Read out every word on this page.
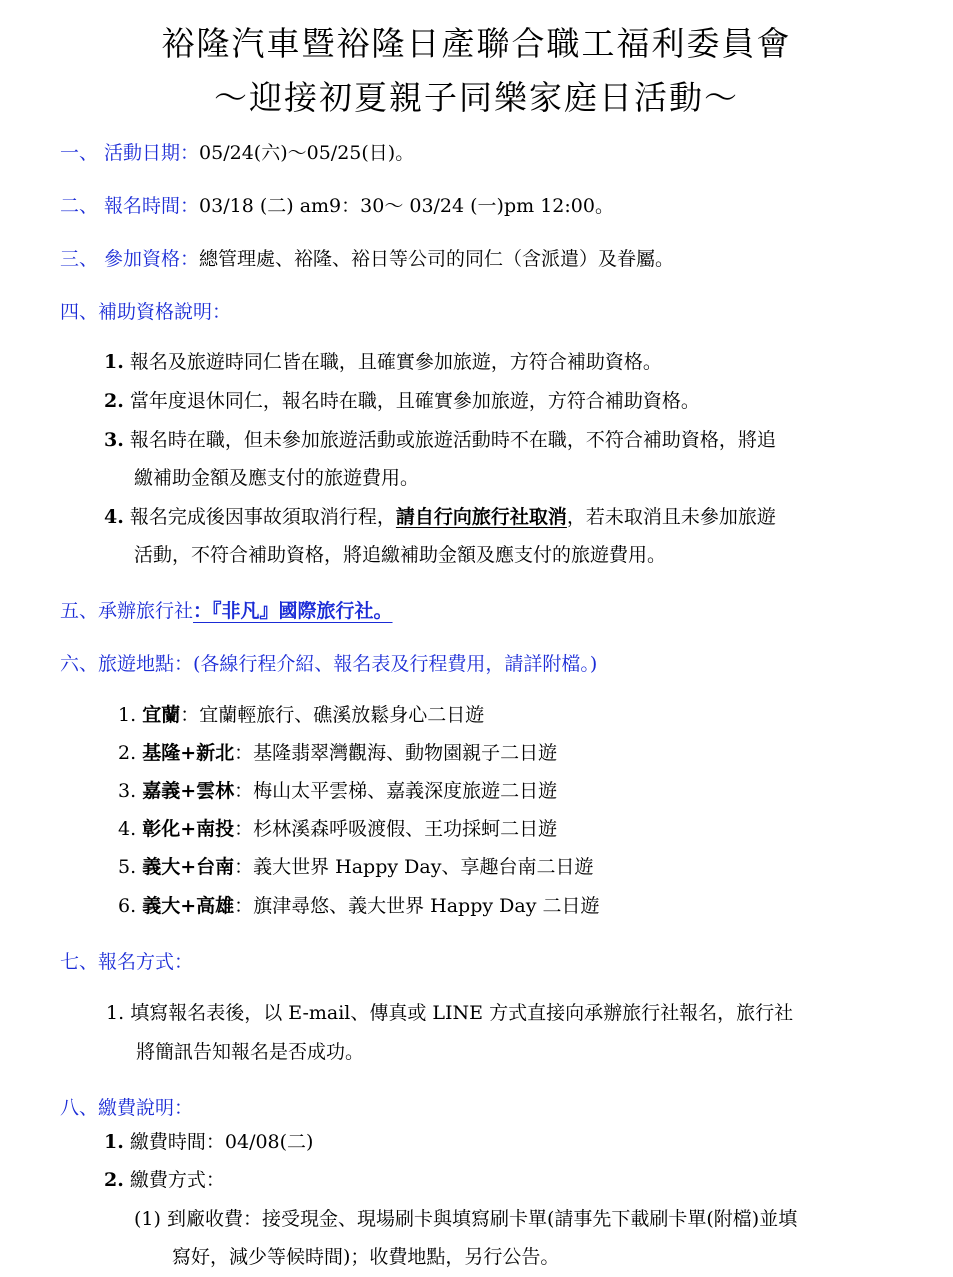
裕隆汽車暨裕隆日產聯合職工福利委員會
～迎接初夏親子同樂家庭日活動～
一、 活動日期：05/24(六)～05/25(日)。
二、 報名時間：03/18 (二) am9：30～ 03/24 (一)pm 12:00。
三、 參加資格：總管理處、裕隆、裕日等公司的同仁（含派遣）及眷屬。
四、補助資格說明：
1. 報名及旅遊時同仁皆在職，且確實參加旅遊，方符合補助資格。
2. 當年度退休同仁，報名時在職，且確實參加旅遊，方符合補助資格。
3. 報名時在職，但未參加旅遊活動或旅遊活動時不在職，不符合補助資格，將追
繳補助金額及應支付的旅遊費用。
4. 報名完成後因事故須取消行程，請自行向旅行社取消，若未取消且未參加旅遊
活動，不符合補助資格，將追繳補助金額及應支付的旅遊費用。
五、承辦旅行社：『非凡』國際旅行社。
六、旅遊地點：(各線行程介紹、報名表及行程費用，請詳附檔。)
1. 宜蘭：宜蘭輕旅行、礁溪放鬆身心二日遊
2. 基隆+新北：基隆翡翠灣觀海、動物園親子二日遊
3. 嘉義+雲林：梅山太平雲梯、嘉義深度旅遊二日遊
4. 彰化+南投：杉林溪森呼吸渡假、王功採蚵二日遊
5. 義大+台南：義大世界 Happy Day、享趣台南二日遊
6. 義大+高雄：旗津尋悠、義大世界 Happy Day 二日遊
七、報名方式：
1. 填寫報名表後，以 E-mail、傳真或 LINE 方式直接向承辦旅行社報名，旅行社
將簡訊告知報名是否成功。
八、繳費說明：
1. 繳費時間：04/08(二)
2. 繳費方式：
(1) 到廠收費：接受現金、現場刷卡與填寫刷卡單(請事先下載刷卡單(附檔)並填
寫好，減少等候時間)；收費地點，另行公告。
